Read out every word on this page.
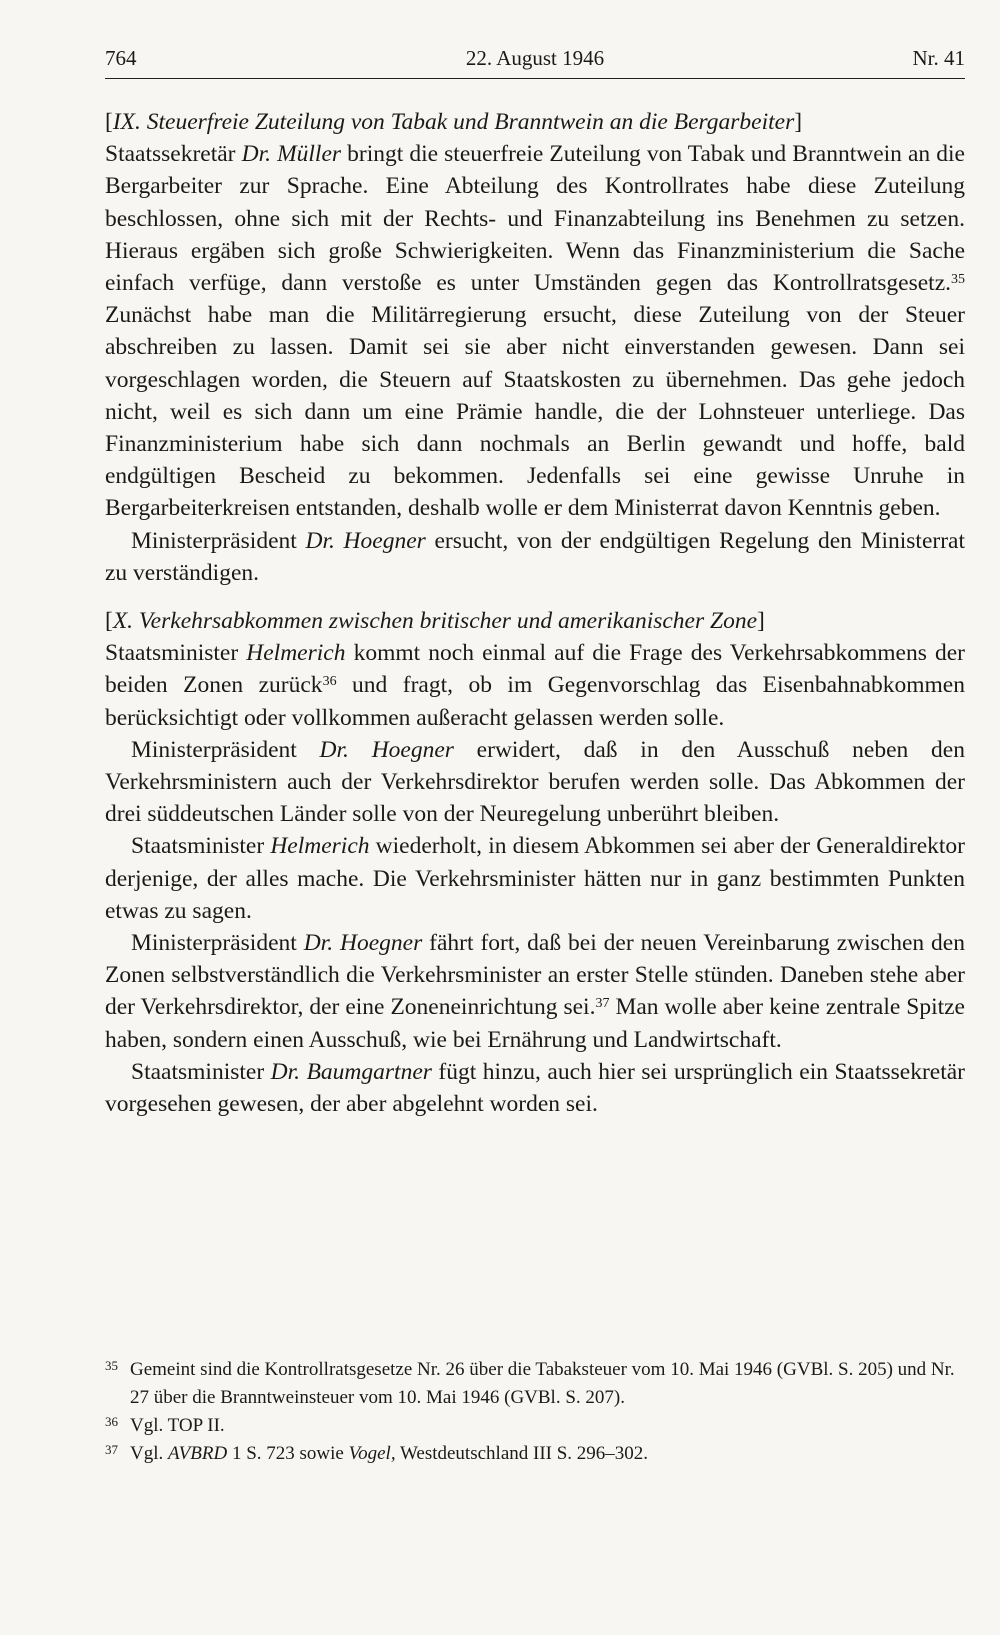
764	22. August 1946	Nr. 41

[IX. Steuerfreie Zuteilung von Tabak und Branntwein an die Bergarbeiter]

Staatssekretär Dr. Müller bringt die steuerfreie Zuteilung von Tabak und Branntwein an die Bergarbeiter zur Sprache. Eine Abteilung des Kontrollrates habe diese Zuteilung beschlossen, ohne sich mit der Rechts- und Finanzabteilung ins Benehmen zu setzen. Hieraus ergäben sich große Schwierigkeiten. Wenn das Finanzministerium die Sache einfach verfüge, dann verstoße es unter Umständen gegen das Kontrollratsgesetz.$^{35}$ Zunächst habe man die Militärregierung ersucht, diese Zuteilung von der Steuer abschreiben zu lassen. Damit sei sie aber nicht einverstanden gewesen. Dann sei vorgeschlagen worden, die Steuern auf Staatskosten zu übernehmen. Das gehe jedoch nicht, weil es sich dann um eine Prämie handle, die der Lohnsteuer unterliege. Das Finanzministerium habe sich dann nochmals an Berlin gewandt und hoffe, bald endgültigen Bescheid zu bekommen. Jedenfalls sei eine gewisse Unruhe in Bergarbeiterkreisen entstanden, deshalb wolle er dem Ministerrat davon Kenntnis geben.

Ministerpräsident Dr. Hoegner ersucht, von der endgültigen Regelung den Ministerrat zu verständigen.

[X. Verkehrsabkommen zwischen britischer und amerikanischer Zone]

Staatsminister Helmerich kommt noch einmal auf die Frage des Verkehrsabkommens der beiden Zonen zurück$^{36}$ und fragt, ob im Gegenvorschlag das Eisenbahnabkommen berücksichtigt oder vollkommen außeracht gelassen werden solle.

Ministerpräsident Dr. Hoegner erwidert, daß in den Ausschuß neben den Verkehrsministern auch der Verkehrsdirektor berufen werden solle. Das Abkommen der drei süddeutschen Länder solle von der Neuregelung unberührt bleiben.

Staatsminister Helmerich wiederholt, in diesem Abkommen sei aber der Generaldirektor derjenige, der alles mache. Die Verkehrsminister hätten nur in ganz bestimmten Punkten etwas zu sagen.

Ministerpräsident Dr. Hoegner fährt fort, daß bei der neuen Vereinbarung zwischen den Zonen selbstverständlich die Verkehrsminister an erster Stelle stünden. Daneben stehe aber der Verkehrsdirektor, der eine Zoneneinrichtung sei.$^{37}$ Man wolle aber keine zentrale Spitze haben, sondern einen Ausschuß, wie bei Ernährung und Landwirtschaft.

Staatsminister Dr. Baumgartner fügt hinzu, auch hier sei ursprünglich ein Staatssekretär vorgesehen gewesen, der aber abgelehnt worden sei.

35 Gemeint sind die Kontrollratsgesetze Nr. 26 über die Tabaksteuer vom 10. Mai 1946 (GVBl. S. 205) und Nr. 27 über die Branntweinsteuer vom 10. Mai 1946 (GVBl. S. 207).
36 Vgl. TOP II.
37 Vgl. AVBRD 1 S. 723 sowie Vogel, Westdeutschland III S. 296–302.
